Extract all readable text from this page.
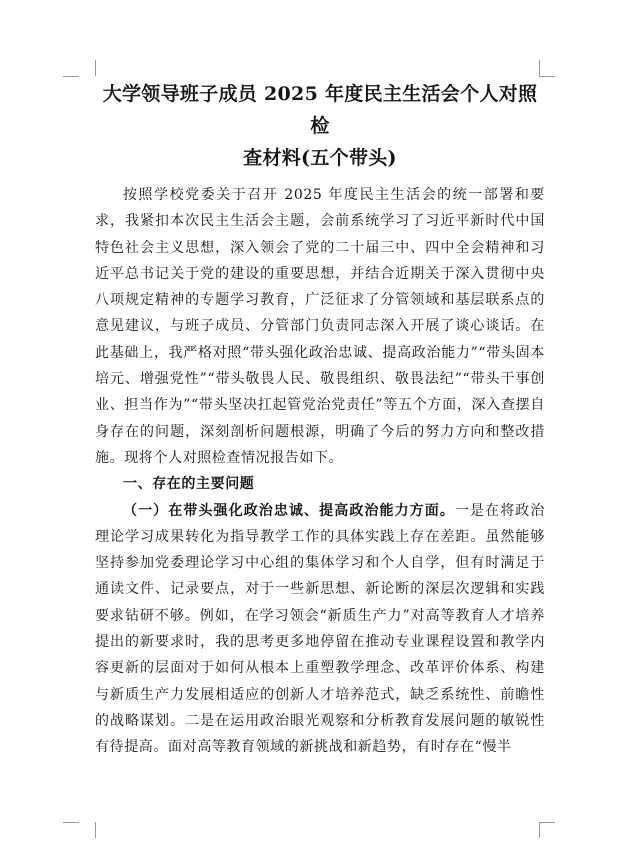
大学领导班子成员 2025 年度民主生活会个人对照检
查材料(五个带头)

按照学校党委关于召开 2025 年度民主生活会的统一部署和要求，我紧扣本次民主生活会主题，会前系统学习了习近平新时代中国特色社会主义思想，深入领会了党的二十届三中、四中全会精神和习近平总书记关于党的建设的重要思想，并结合近期关于深入贯彻中央八项规定精神的专题学习教育，广泛征求了分管领域和基层联系点的意见建议，与班子成员、分管部门负责同志深入开展了谈心谈话。在此基础上，我严格对照“带头强化政治忠诚、提高政治能力”“带头固本培元、增强党性”“带头敬畏人民、敬畏组织、敬畏法纪”“带头干事创业、担当作为”“带头坚决扛起管党治党责任”等五个方面，深入查摆自身存在的问题，深刻剖析问题根源，明确了今后的努力方向和整改措施。现将个人对照检查情况报告如下。

一、存在的主要问题

（一）在带头强化政治忠诚、提高政治能力方面。一是在将政治理论学习成果转化为指导教学工作的具体实践上存在差距。虽然能够坚持参加党委理论学习中心组的集体学习和个人自学，但有时满足于通读文件、记录要点，对于一些新思想、新论断的深层次逻辑和实践要求钻研不够。例如，在学习领会“新质生产力”对高等教育人才培养提出的新要求时，我的思考更多地停留在推动专业课程设置和教学内容更新的层面对于如何从根本上重塑教学理念、改革评价体系、构建与新质生产力发展相适应的创新人才培养范式，缺乏系统性、前瞻性的战略谋划。二是在运用政治眼光观察和分析教育发展问题的敏锐性有待提高。面对高等教育领域的新挑战和新趋势，有时存在“慢半
